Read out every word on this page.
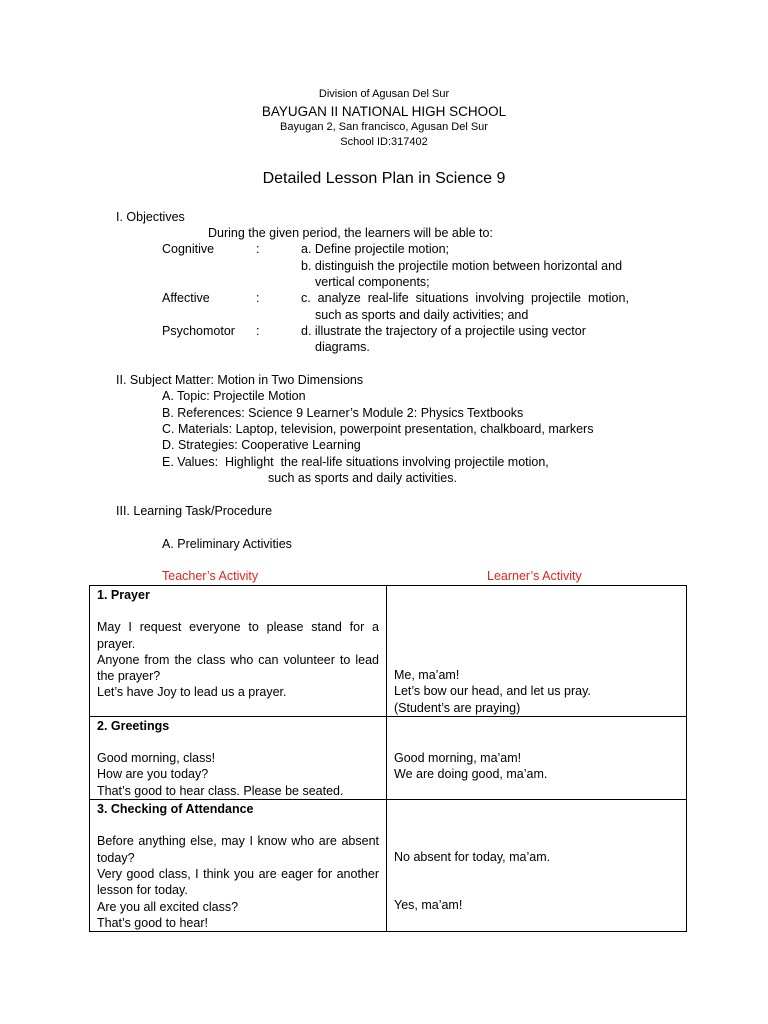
Division of Agusan Del Sur
BAYUGAN II NATIONAL HIGH SCHOOL
Bayugan 2, San francisco, Agusan Del Sur
School ID:317402
Detailed Lesson Plan in Science 9
I. Objectives
During the given period, the learners will be able to:
Cognitive	:	a. Define projectile motion;
b. distinguish the projectile motion between horizontal and
vertical components;
Affective	:	c.  analyze  real-life  situations  involving  projectile  motion,
such as sports and daily activities; and
Psychomotor :	d. illustrate the trajectory of a projectile using vector
diagrams.
II. Subject Matter: Motion in Two Dimensions
A. Topic: Projectile Motion
B. References: Science 9 Learner’s Module 2: Physics Textbooks
C. Materials: Laptop, television, powerpoint presentation, chalkboard, markers
D. Strategies: Cooperative Learning
E. Values:  Highlight  the real-life situations involving projectile motion,
such as sports and daily activities.
III. Learning Task/Procedure
A. Preliminary Activities
Teacher’s Activity	Learner’s Activity
1. Prayer
May I request everyone to please stand for a prayer.
Anyone from the class who can volunteer to lead the prayer?
Let’s have Joy to lead us a prayer.	Me, ma’am!
Let’s bow our head, and let us pray.
(Student’s are praying)

2. Greetings
Good morning, class!
How are you today?
That’s good to hear class. Please be seated.	Good morning, ma’am!
We are doing good, ma’am.

3. Checking of Attendance
Before anything else, may I know who are absent today?
Very good class, I think you are eager for another lesson for today.
Are you all excited class?
That’s good to hear!	No absent for today, ma’am.
Yes, ma’am!
